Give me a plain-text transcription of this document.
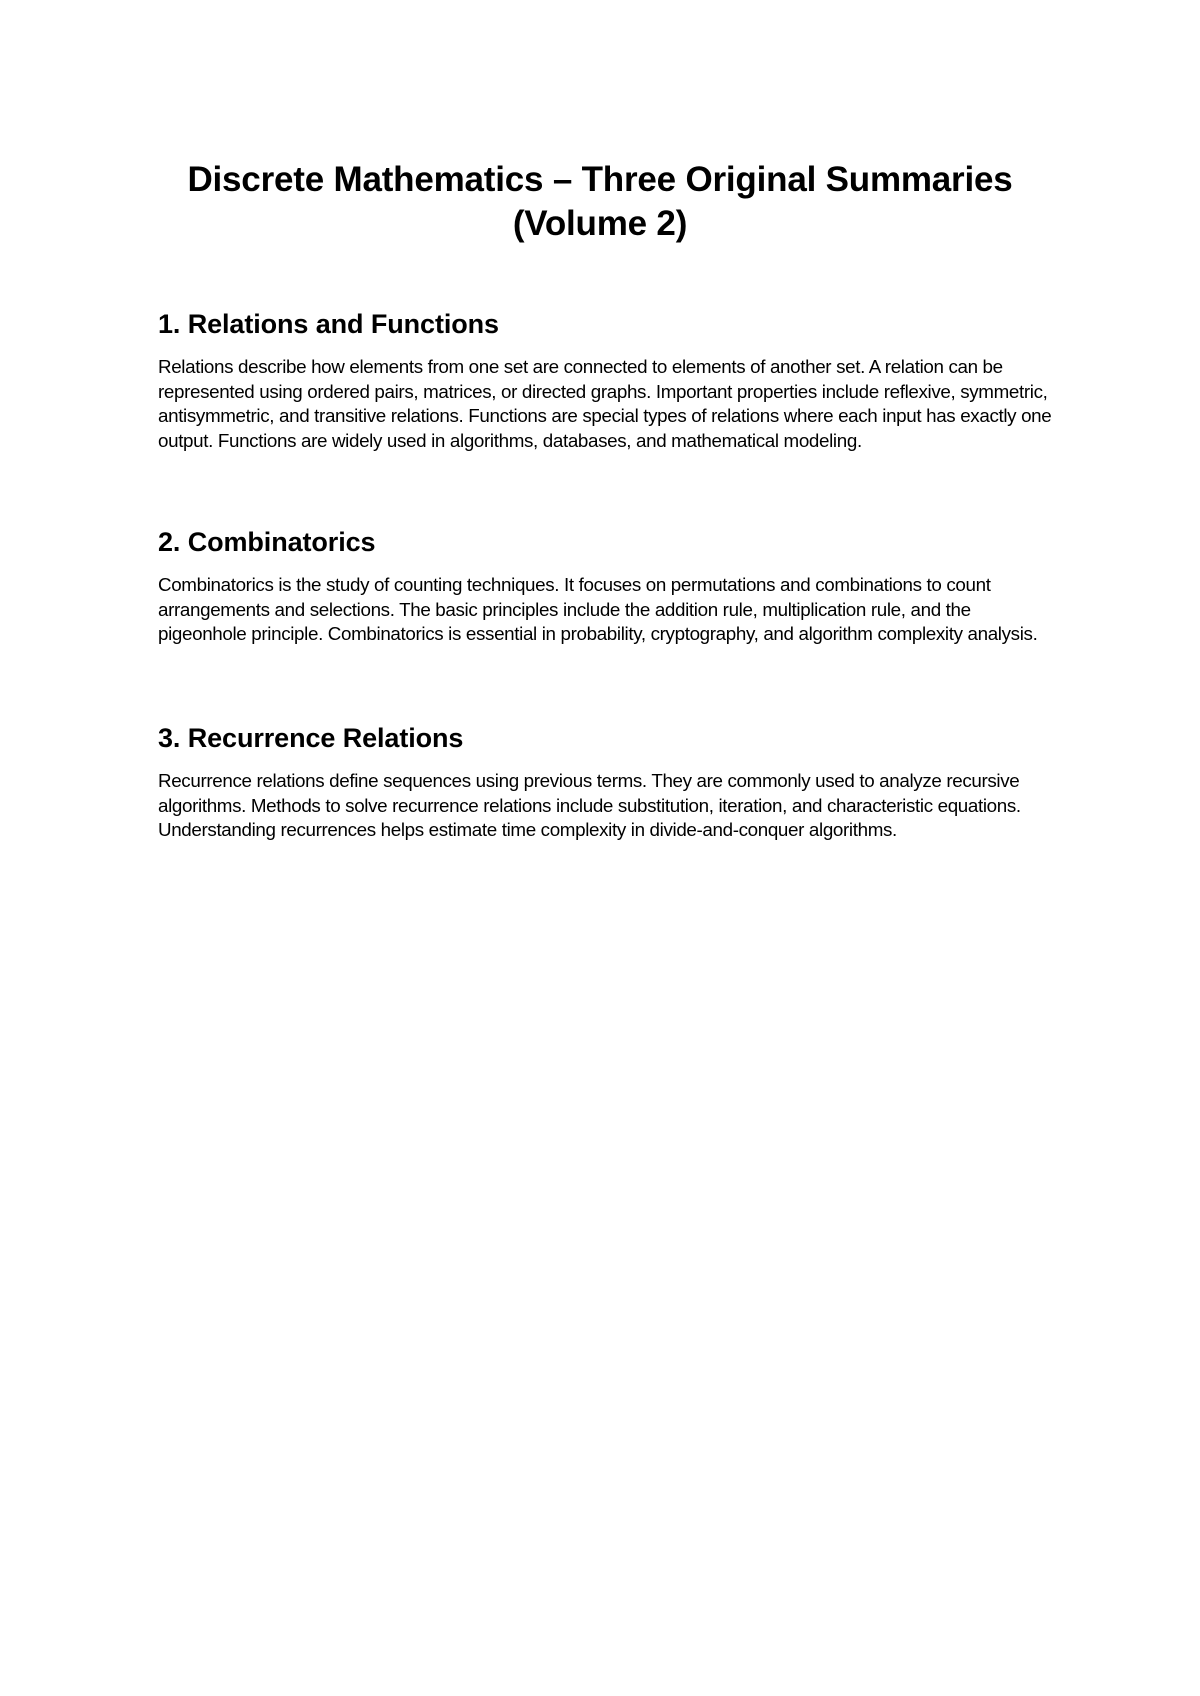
Discrete Mathematics – Three Original Summaries (Volume 2)
1. Relations and Functions

Relations describe how elements from one set are connected to elements of another set. A relation can be represented using ordered pairs, matrices, or directed graphs. Important properties include reflexive, symmetric, antisymmetric, and transitive relations. Functions are special types of relations where each input has exactly one output. Functions are widely used in algorithms, databases, and mathematical modeling.

2. Combinatorics

Combinatorics is the study of counting techniques. It focuses on permutations and combinations to count arrangements and selections. The basic principles include the addition rule, multiplication rule, and the pigeonhole principle. Combinatorics is essential in probability, cryptography, and algorithm complexity analysis.

3. Recurrence Relations

Recurrence relations define sequences using previous terms. They are commonly used to analyze recursive algorithms. Methods to solve recurrence relations include substitution, iteration, and characteristic equations. Understanding recurrences helps estimate time complexity in divide-and-conquer algorithms.
